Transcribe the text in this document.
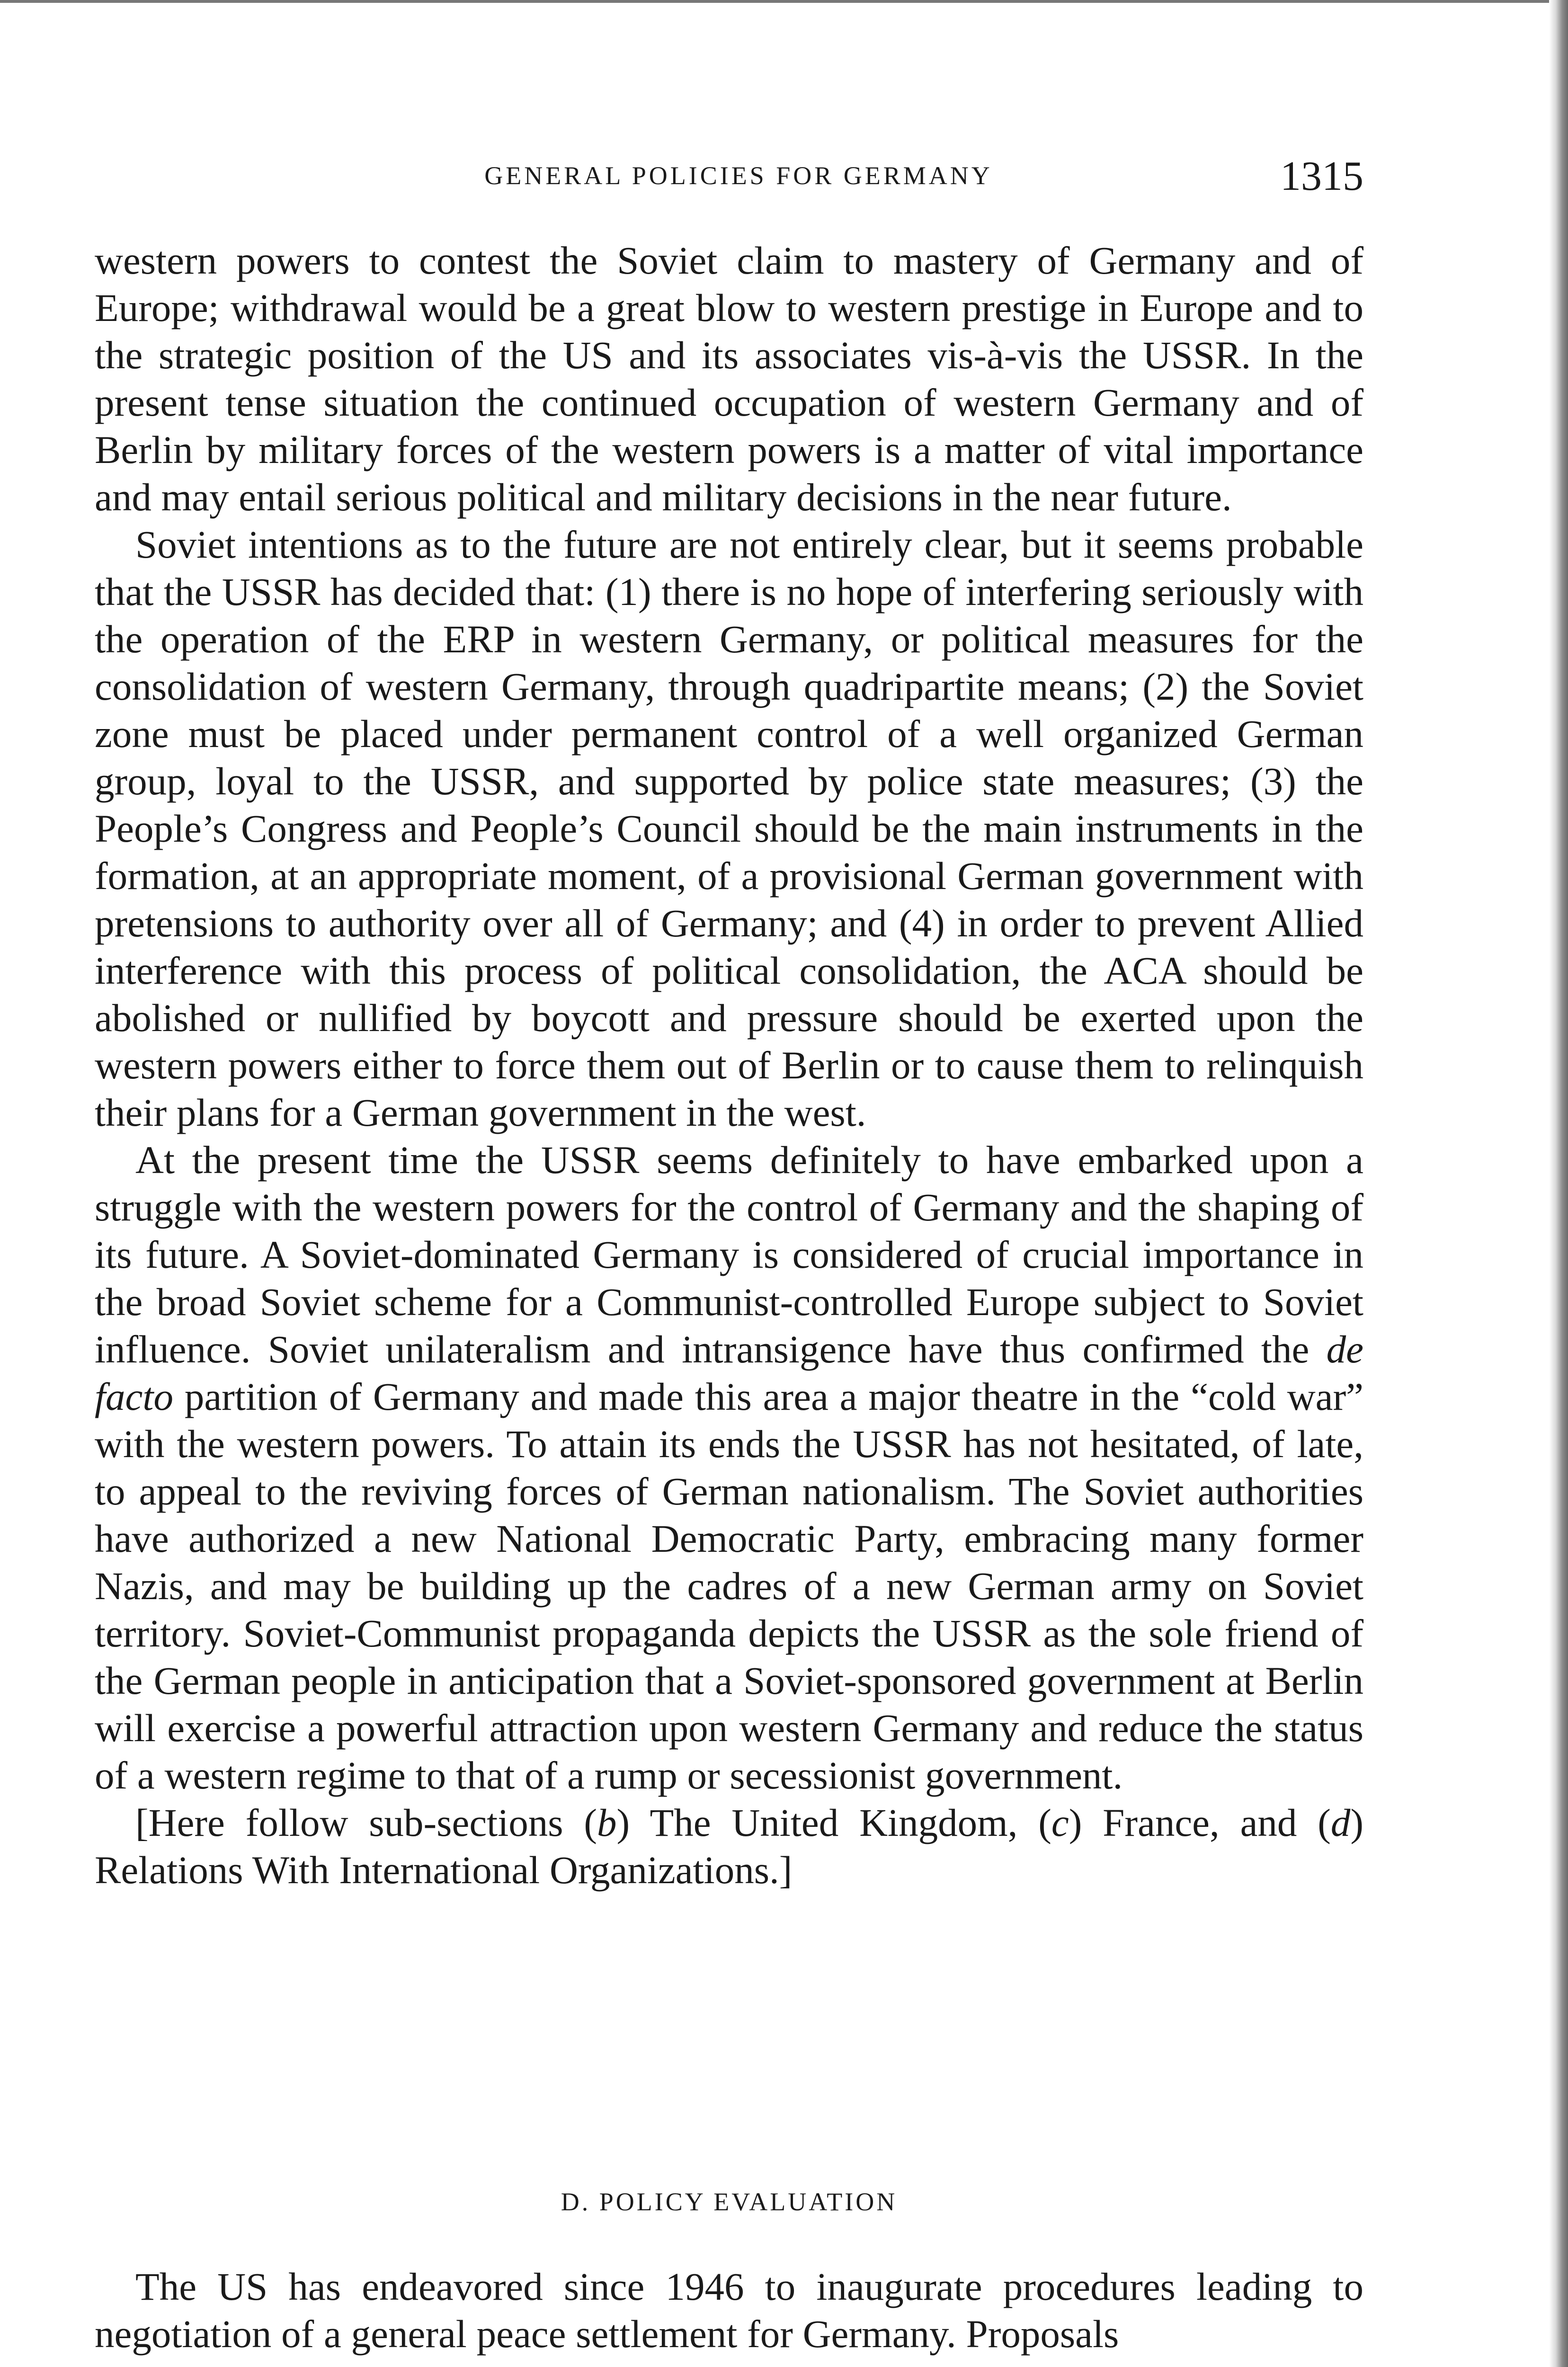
GENERAL POLICIES FOR GERMANY	1315

western powers to contest the Soviet claim to mastery of Germany and of Europe; withdrawal would be a great blow to western prestige in Europe and to the strategic position of the US and its associates vis-à-vis the USSR. In the present tense situation the continued occupation of western Germany and of Berlin by military forces of the western powers is a matter of vital importance and may entail serious political and military decisions in the near future.

Soviet intentions as to the future are not entirely clear, but it seems probable that the USSR has decided that: (1) there is no hope of interfering seriously with the operation of the ERP in western Germany, or political measures for the consolidation of western Germany, through quadripartite means; (2) the Soviet zone must be placed under permanent control of a well organized German group, loyal to the USSR, and supported by police state measures; (3) the People’s Congress and People’s Council should be the main instruments in the formation, at an appropriate moment, of a provisional German government with pretensions to authority over all of Germany; and (4) in order to prevent Allied interference with this process of political consolidation, the ACA should be abolished or nullified by boycott and pressure should be exerted upon the western powers either to force them out of Berlin or to cause them to relinquish their plans for a German government in the west.

At the present time the USSR seems definitely to have embarked upon a struggle with the western powers for the control of Germany and the shaping of its future. A Soviet-dominated Germany is considered of crucial importance in the broad Soviet scheme for a Communist-controlled Europe subject to Soviet influence. Soviet unilateralism and intransigence have thus confirmed the de facto partition of Germany and made this area a major theatre in the “cold war” with the western powers. To attain its ends the USSR has not hesitated, of late, to appeal to the reviving forces of German nationalism. The Soviet authorities have authorized a new National Democratic Party, embracing many former Nazis, and may be building up the cadres of a new German army on Soviet territory. Soviet-Communist propaganda depicts the USSR as the sole friend of the German people in anticipation that a Soviet-sponsored government at Berlin will exercise a powerful attraction upon western Germany and reduce the status of a western regime to that of a rump or secessionist government.

[Here follow sub-sections (b) The United Kingdom, (c) France, and (d) Relations With International Organizations.]

D. POLICY EVALUATION

The US has endeavored since 1946 to inaugurate procedures leading to negotiation of a general peace settlement for Germany. Proposals
